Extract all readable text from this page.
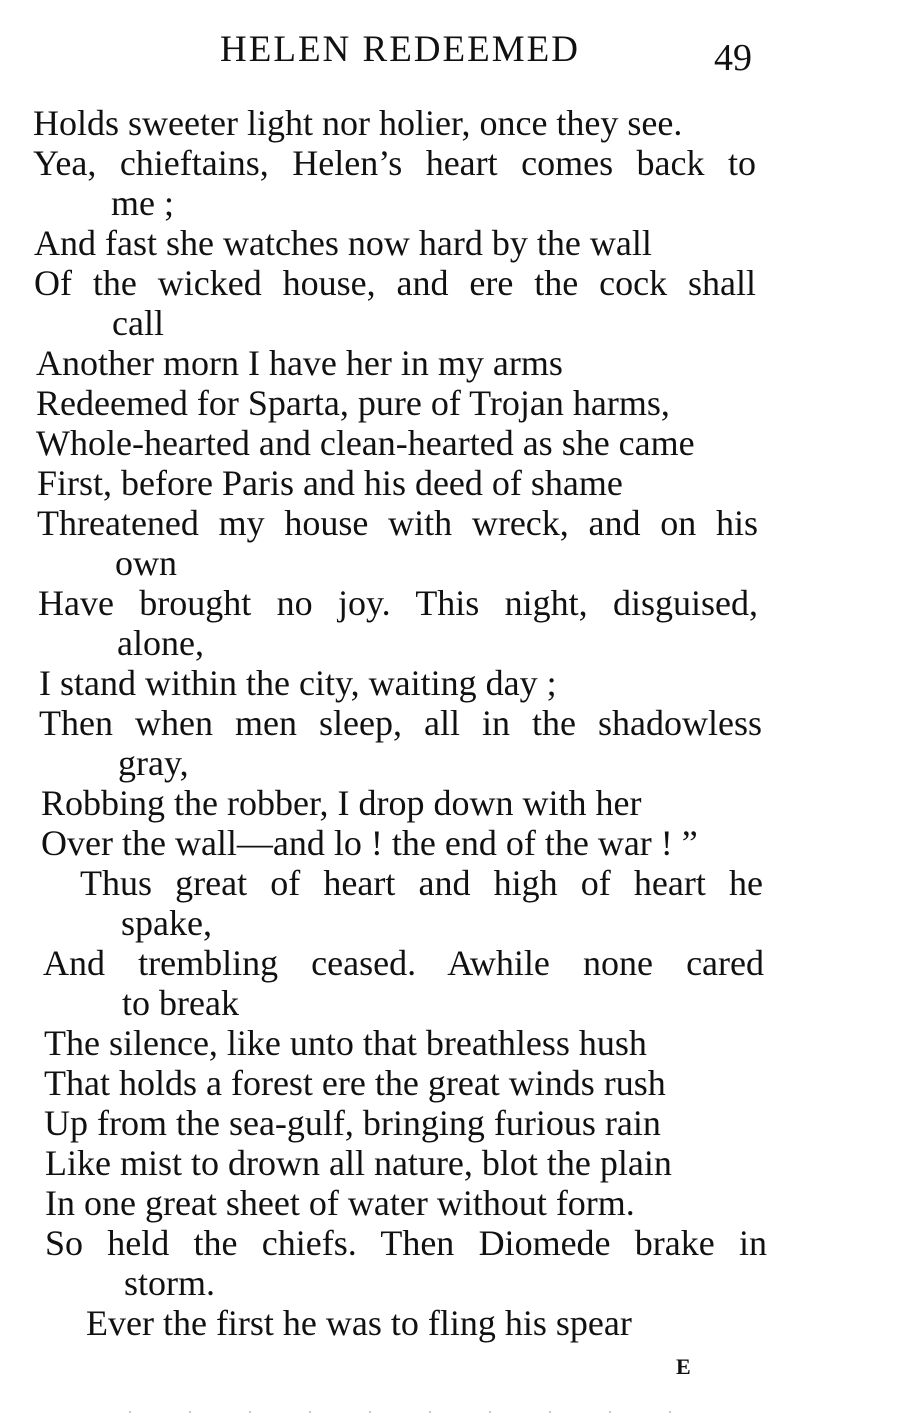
HELEN REDEEMED	49
Holds sweeter light nor holier, once they see.
Yea, chieftains, Helen’s heart comes back to
me ;
And fast she watches now hard by the wall
Of the wicked house, and ere the cock shall
call
Another morn I have her in my arms
Redeemed for Sparta, pure of Trojan harms,
Whole-hearted and clean-hearted as she came
First, before Paris and his deed of shame
Threatened my house with wreck, and on his
own
Have brought no joy. This night, disguised,
alone,
I stand within the city, waiting day ;
Then when men sleep, all in the shadowless
gray,
Robbing the robber, I drop down with her
Over the wall—and lo ! the end of the war ! ”
Thus great of heart and high of heart he
spake,
And trembling ceased. Awhile none cared
to break
The silence, like unto that breathless hush
That holds a forest ere the great winds rush
Up from the sea-gulf, bringing furious rain
Like mist to drown all nature, blot the plain
In one great sheet of water without form.
So held the chiefs. Then Diomede brake in
storm.
Ever the first he was to fling his spear
E
